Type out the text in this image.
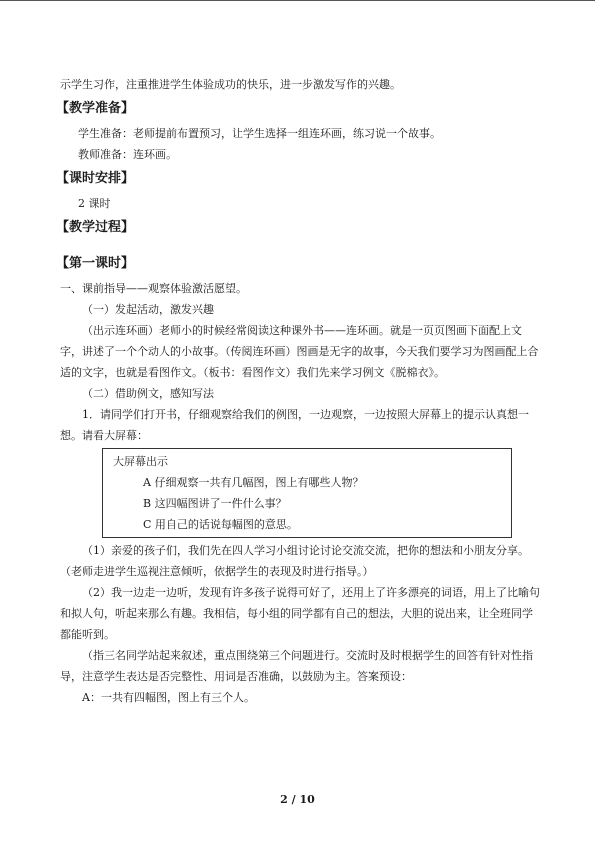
示学生习作，注重推进学生体验成功的快乐，进一步激发写作的兴趣。

【教学准备】

学生准备：老师提前布置预习，让学生选择一组连环画，练习说一个故事。

教师准备：连环画。

【课时安排】

2 课时

【教学过程】

【第一课时】

一、课前指导——观察体验激活愿望。

（一）发起活动，激发兴趣

（出示连环画）老师小的时候经常阅读这种课外书——连环画。就是一页页图画下面配上文字，讲述了一个个动人的小故事。（传阅连环画）图画是无字的故事，今天我们要学习为图画配上合适的文字，也就是看图作文。（板书：看图作文）我们先来学习例文《脱棉衣》。

（二）借助例文，感知写法

1．请同学们打开书，仔细观察给我们的例图，一边观察，一边按照大屏幕上的提示认真想一想。请看大屏幕：

大屏幕出示

A 仔细观察一共有几幅图，图上有哪些人物？

B 这四幅图讲了一件什么事？

C 用自己的话说每幅图的意思。

（1）亲爱的孩子们，我们先在四人学习小组讨论讨论交流交流，把你的想法和小朋友分享。（老师走进学生巡视注意倾听，依据学生的表现及时进行指导。）

（2）我一边走一边听，发现有许多孩子说得可好了，还用上了许多漂亮的词语，用上了比喻句和拟人句，听起来那么有趣。我相信，每小组的同学都有自己的想法，大胆的说出来，让全班同学都能听到。

（指三名同学站起来叙述，重点围绕第三个问题进行。交流时及时根据学生的回答有针对性指导，注意学生表达是否完整性、用词是否准确，以鼓励为主。答案预设：

A：一共有四幅图，图上有三个人。

2 / 10
